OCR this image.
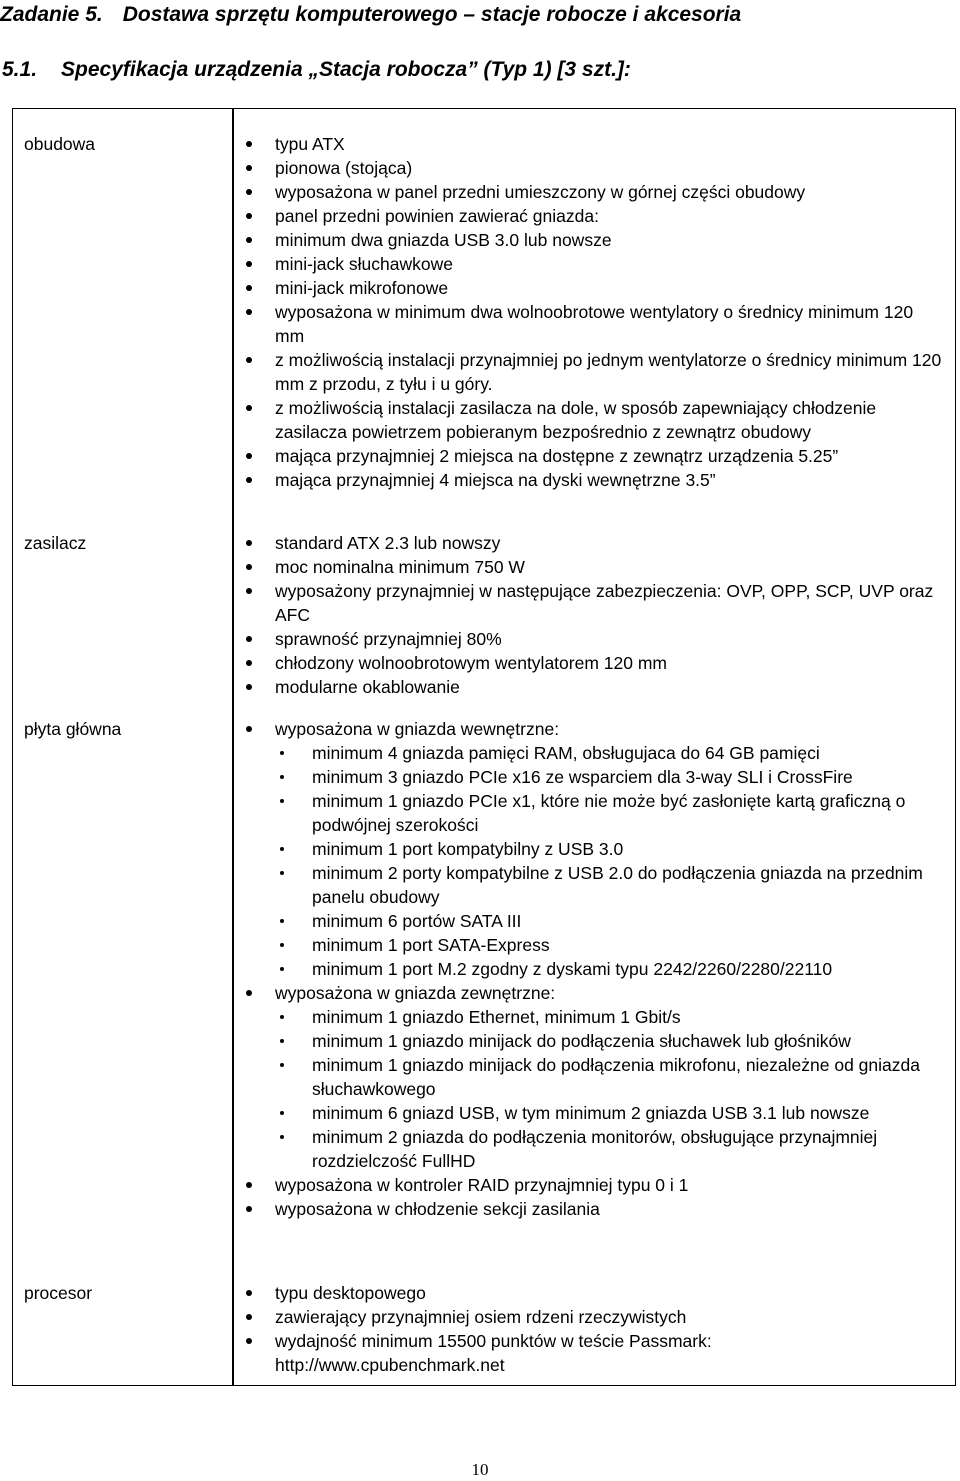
Zadanie 5. Dostawa sprzętu komputerowego – stacje robocze i akcesoria
5.1. Specyfikacja urządzenia „Stacja robocza” (Typ 1) [3 szt.]:
obudowa	typu ATX
pionowa (stojąca)
wyposażona w panel przedni umieszczony w górnej części obudowy
panel przedni powinien zawierać gniazda:
minimum dwa gniazda USB 3.0 lub nowsze
mini-jack słuchawkowe
mini-jack mikrofonowe
wyposażona w minimum dwa wolnoobrotowe wentylatory o średnicy minimum 120 mm
z możliwością instalacji przynajmniej po jednym wentylatorze o średnicy minimum 120 mm z przodu, z tyłu i u góry.
z możliwością instalacji zasilacza na dole, w sposób zapewniający chłodzenie zasilacza powietrzem pobieranym bezpośrednio z zewnątrz obudowy
mająca przynajmniej 2 miejsca na dostępne z zewnątrz urządzenia 5.25”
mająca przynajmniej 4 miejsca na dyski wewnętrzne 3.5”
zasilacz	standard ATX 2.3 lub nowszy
moc nominalna minimum 750 W
wyposażony przynajmniej w następujące zabezpieczenia: OVP, OPP, SCP, UVP oraz AFC
sprawność przynajmniej 80%
chłodzony wolnoobrotowym wentylatorem 120 mm
modularne okablowanie
płyta główna	wyposażona w gniazda wewnętrzne:
minimum 4 gniazda pamięci RAM, obsługujaca do 64 GB pamięci
minimum 3 gniazdo PCIe x16 ze wsparciem dla 3-way SLI i CrossFire
minimum 1 gniazdo PCIe x1, które nie może być zasłonięte kartą graficzną o podwójnej szerokości
minimum 1 port kompatybilny z USB 3.0
minimum 2 porty kompatybilne z USB 2.0 do podłączenia gniazda na przednim panelu obudowy
minimum 6 portów SATA III
minimum 1 port SATA-Express
minimum 1 port M.2 zgodny z dyskami typu 2242/2260/2280/22110
wyposażona w gniazda zewnętrzne:
minimum 1 gniazdo Ethernet, minimum 1 Gbit/s
minimum 1 gniazdo minijack do podłączenia słuchawek lub głośników
minimum 1 gniazdo minijack do podłączenia mikrofonu, niezależne od gniazda słuchawkowego
minimum 6 gniazd USB, w tym minimum 2 gniazda USB 3.1 lub nowsze
minimum 2 gniazda do podłączenia monitorów, obsługujące przynajmniej rozdzielczość FullHD
wyposażona w kontroler RAID przynajmniej typu 0 i 1
wyposażona w chłodzenie sekcji zasilania
procesor	typu desktopowego
zawierający przynajmniej osiem rdzeni rzeczywistych
wydajność minimum 15500 punktów w teście Passmark: http://www.cpubenchmark.net
10
